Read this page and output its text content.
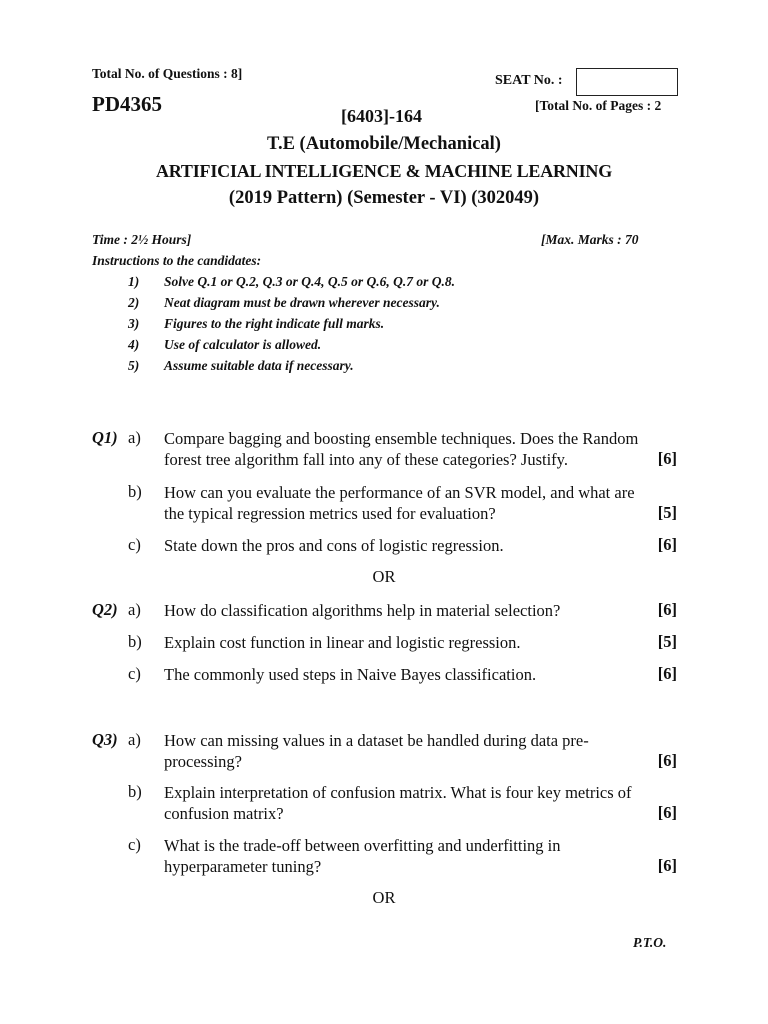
Total No. of Questions : 8]
PD4365
SEAT No. :
[Total No. of Pages : 2
[6403]-164
T.E (Automobile/Mechanical)
ARTIFICIAL INTELLIGENCE & MACHINE LEARNING
(2019 Pattern) (Semester - VI) (302049)
Time : 2½ Hours]	[Max. Marks : 70
Instructions to the candidates:
1) Solve Q.1 or Q.2, Q.3 or Q.4, Q.5 or Q.6, Q.7 or Q.8.
2) Neat diagram must be drawn wherever necessary.
3) Figures to the right indicate full marks.
4) Use of calculator is allowed.
5) Assume suitable data if necessary.
Q1) a) Compare bagging and boosting ensemble techniques. Does the Random
forest tree algorithm fall into any of these categories? Justify.	[6]
b) How can you evaluate the performance of an SVR model, and what are
the typical regression metrics used for evaluation?	[5]
c) State down the pros and cons of logistic regression.	[6]
OR
Q2) a) How do classification algorithms help in material selection?	[6]
b) Explain cost function in linear and logistic regression.	[5]
c) The commonly used steps in Naive Bayes classification.	[6]
Q3) a) How can missing values in a dataset be handled during data pre-
processing?	[6]
b) Explain interpretation of confusion matrix. What is four key metrics of
confusion matrix?	[6]
c) What is the trade-off between overfitting and underfitting in
hyperparameter tuning?	[6]
OR
P.T.O.
